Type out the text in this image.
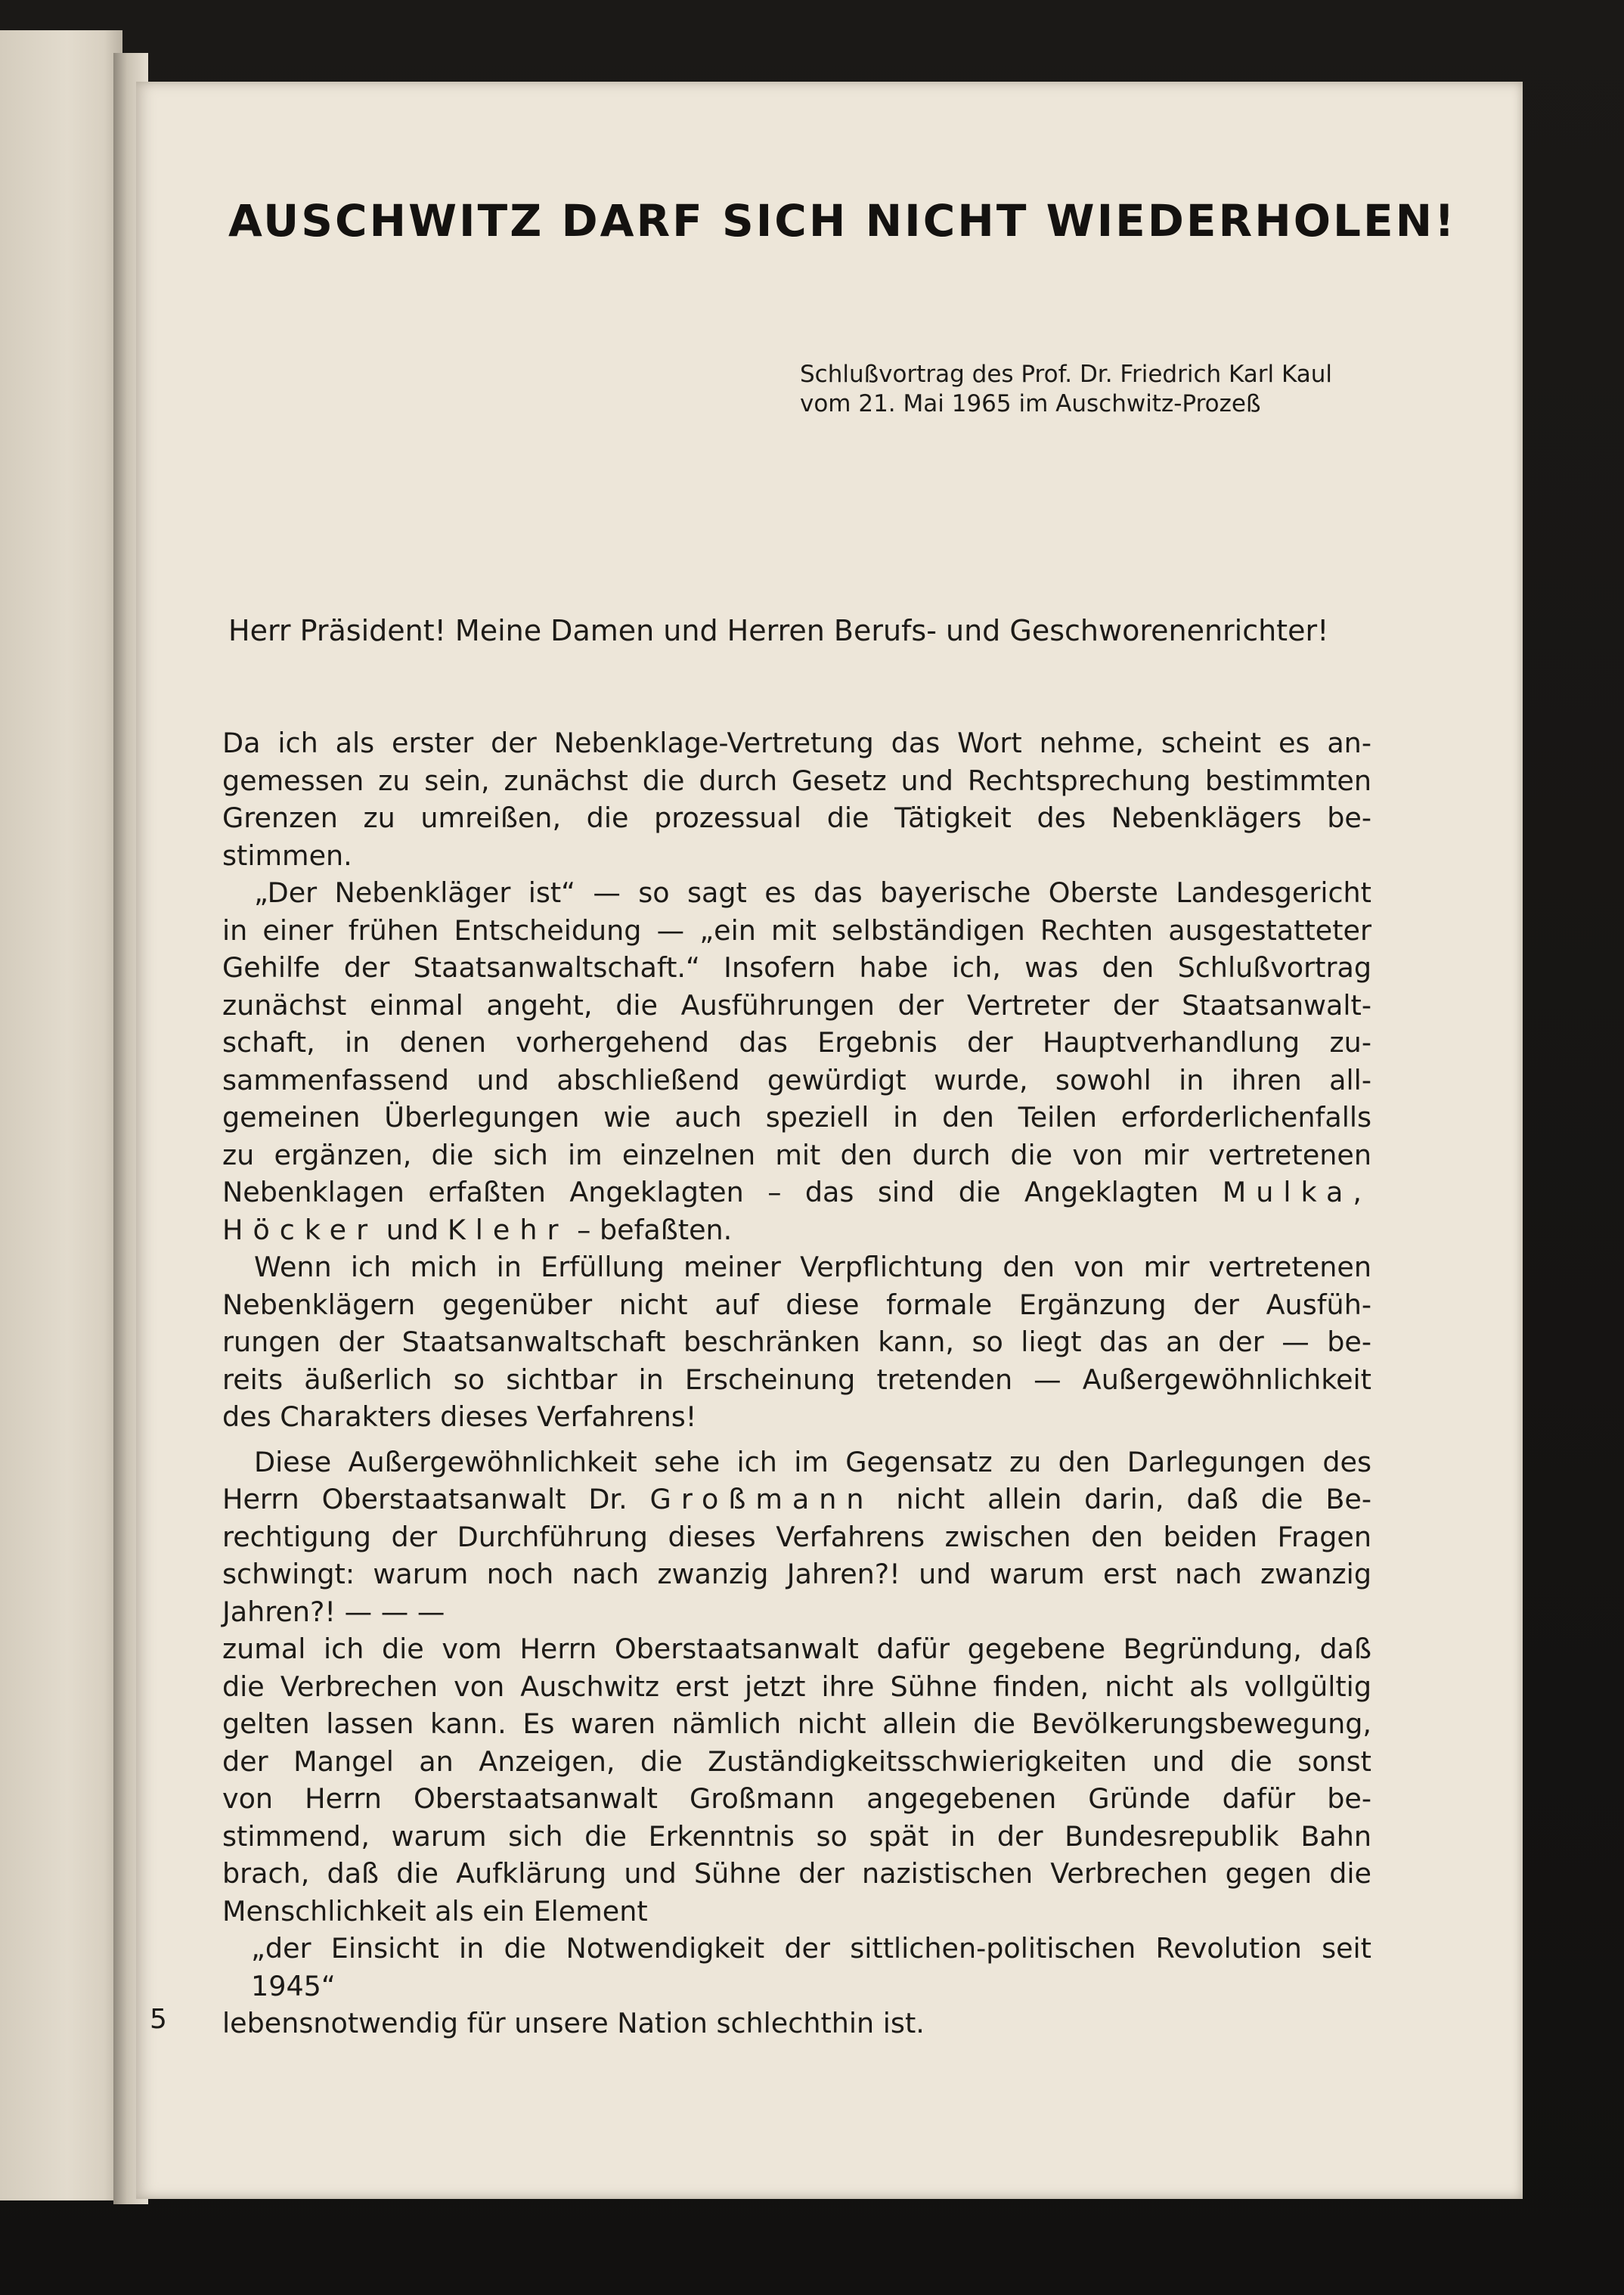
AUSCHWITZ DARF SICH NICHT WIEDERHOLEN!
Schlußvortrag des Prof. Dr. Friedrich Karl Kaul
vom 21. Mai 1965 im Auschwitz-Prozeß
Herr Präsident! Meine Damen und Herren Berufs- und Geschworenenrichter!
Da ich als erster der Nebenklage-Vertretung das Wort nehme, scheint es an-
gemessen zu sein, zunächst die durch Gesetz und Rechtsprechung bestimmten
Grenzen zu umreißen, die prozessual die Tätigkeit des Nebenklägers be-
stimmen.
„Der Nebenkläger ist“ — so sagt es das bayerische Oberste Landesgericht
in einer frühen Entscheidung — „ein mit selbständigen Rechten ausgestatteter
Gehilfe der Staatsanwaltschaft.“ Insofern habe ich, was den Schlußvortrag
zunächst einmal angeht, die Ausführungen der Vertreter der Staatsanwalt-
schaft, in denen vorhergehend das Ergebnis der Hauptverhandlung zu-
sammenfassend und abschließend gewürdigt wurde, sowohl in ihren all-
gemeinen Überlegungen wie auch speziell in den Teilen erforderlichenfalls
zu ergänzen, die sich im einzelnen mit den durch die von mir vertretenen
Nebenklagen erfaßten Angeklagten – das sind die Angeklagten Mulka,
Höcker und Klehr – befaßten.
Wenn ich mich in Erfüllung meiner Verpflichtung den von mir vertretenen
Nebenklägern gegenüber nicht auf diese formale Ergänzung der Ausfüh-
rungen der Staatsanwaltschaft beschränken kann, so liegt das an der — be-
reits äußerlich so sichtbar in Erscheinung tretenden — Außergewöhnlichkeit
des Charakters dieses Verfahrens!
Diese Außergewöhnlichkeit sehe ich im Gegensatz zu den Darlegungen des
Herrn Oberstaatsanwalt Dr. Großmann nicht allein darin, daß die Be-
rechtigung der Durchführung dieses Verfahrens zwischen den beiden Fragen
schwingt: warum noch nach zwanzig Jahren?! und warum erst nach zwanzig
Jahren?! — — —
zumal ich die vom Herrn Oberstaatsanwalt dafür gegebene Begründung, daß
die Verbrechen von Auschwitz erst jetzt ihre Sühne finden, nicht als vollgültig
gelten lassen kann. Es waren nämlich nicht allein die Bevölkerungsbewegung,
der Mangel an Anzeigen, die Zuständigkeitsschwierigkeiten und die sonst
von Herrn Oberstaatsanwalt Großmann angegebenen Gründe dafür be-
stimmend, warum sich die Erkenntnis so spät in der Bundesrepublik Bahn
brach, daß die Aufklärung und Sühne der nazistischen Verbrechen gegen die
Menschlichkeit als ein Element
„der Einsicht in die Notwendigkeit der sittlichen-politischen Revolution seit
1945“
lebensnotwendig für unsere Nation schlechthin ist.
5
